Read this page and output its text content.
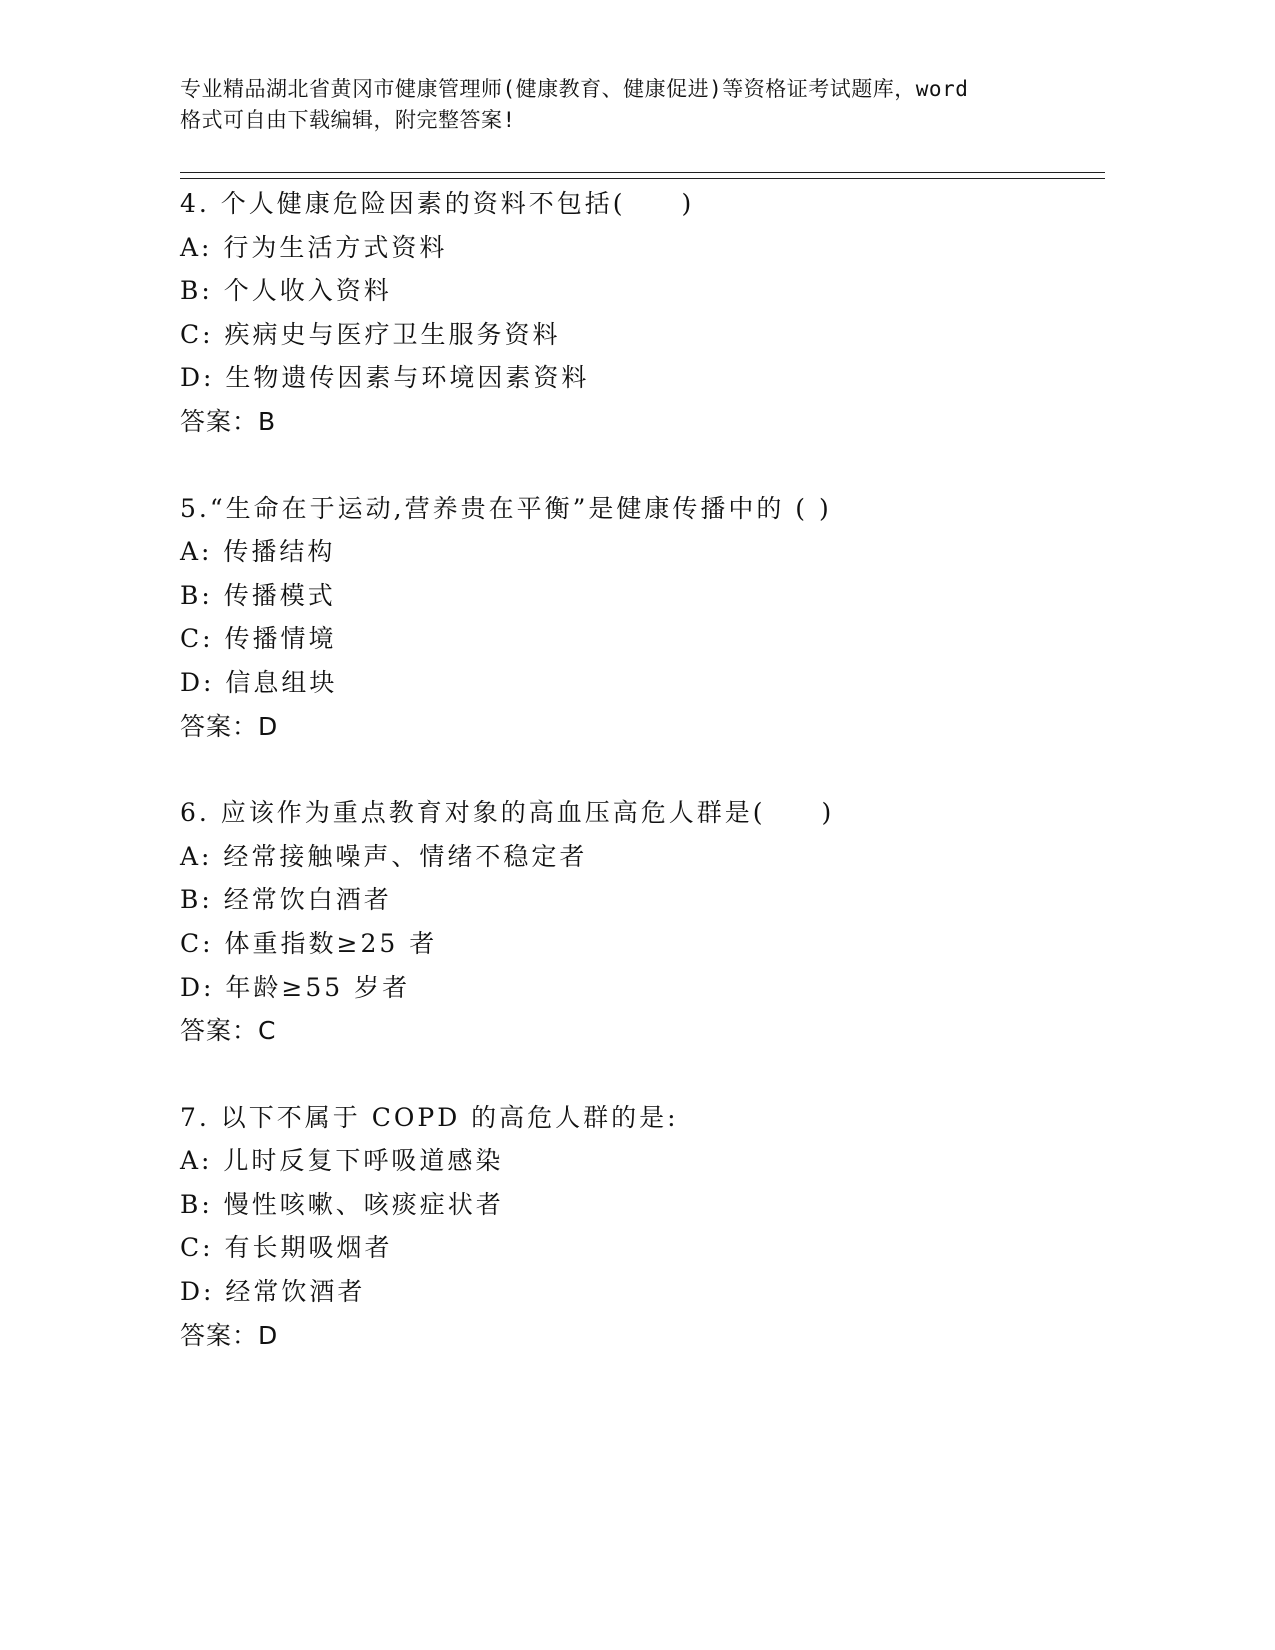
专业精品湖北省黄冈市健康管理师(健康教育、健康促进)等资格证考试题库，word
格式可自由下载编辑，附完整答案!
4. 个人健康危险因素的资料不包括(　　)
A: 行为生活方式资料
B: 个人收入资料
C: 疾病史与医疗卫生服务资料
D: 生物遗传因素与环境因素资料
答案：B
5.“生命在于运动,营养贵在平衡”是健康传播中的 ( )
A: 传播结构
B: 传播模式
C: 传播情境
D: 信息组块
答案：D
6. 应该作为重点教育对象的高血压高危人群是(　　)
A: 经常接触噪声、情绪不稳定者
B: 经常饮白酒者
C: 体重指数≥25 者
D: 年龄≥55 岁者
答案：C
7. 以下不属于 COPD 的高危人群的是:
A: 儿时反复下呼吸道感染
B: 慢性咳嗽、咳痰症状者
C: 有长期吸烟者
D: 经常饮酒者
答案：D
